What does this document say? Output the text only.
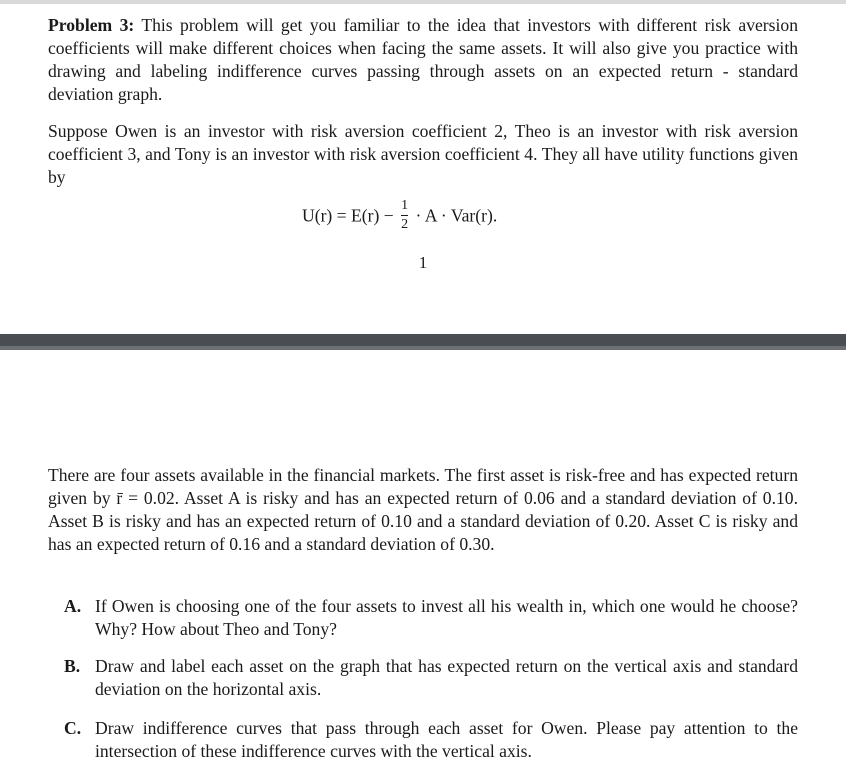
Problem 3: This problem will get you familiar to the idea that investors with different risk aversion coefficients will make different choices when facing the same assets. It will also give you practice with drawing and labeling indifference curves passing through assets on an expected return - standard deviation graph.

Suppose Owen is an investor with risk aversion coefficient 2, Theo is an investor with risk aversion coefficient 3, and Tony is an investor with risk aversion coefficient 4. They all have utility functions given by

$U(r) = E(r) - \frac{1}{2} \cdot A \cdot Var(r)$.
1

There are four assets available in the financial markets. The first asset is risk-free and has expected return given by r̄ = 0.02. Asset A is risky and has an expected return of 0.06 and a standard deviation of 0.10. Asset B is risky and has an expected return of 0.10 and a standard deviation of 0.20. Asset C is risky and has an expected return of 0.16 and a standard deviation of 0.30.

A. If Owen is choosing one of the four assets to invest all his wealth in, which one would he choose? Why? How about Theo and Tony?
B. Draw and label each asset on the graph that has expected return on the vertical axis and standard deviation on the horizontal axis.
C. Draw indifference curves that pass through each asset for Owen. Please pay attention to the intersection of these indifference curves with the vertical axis.
